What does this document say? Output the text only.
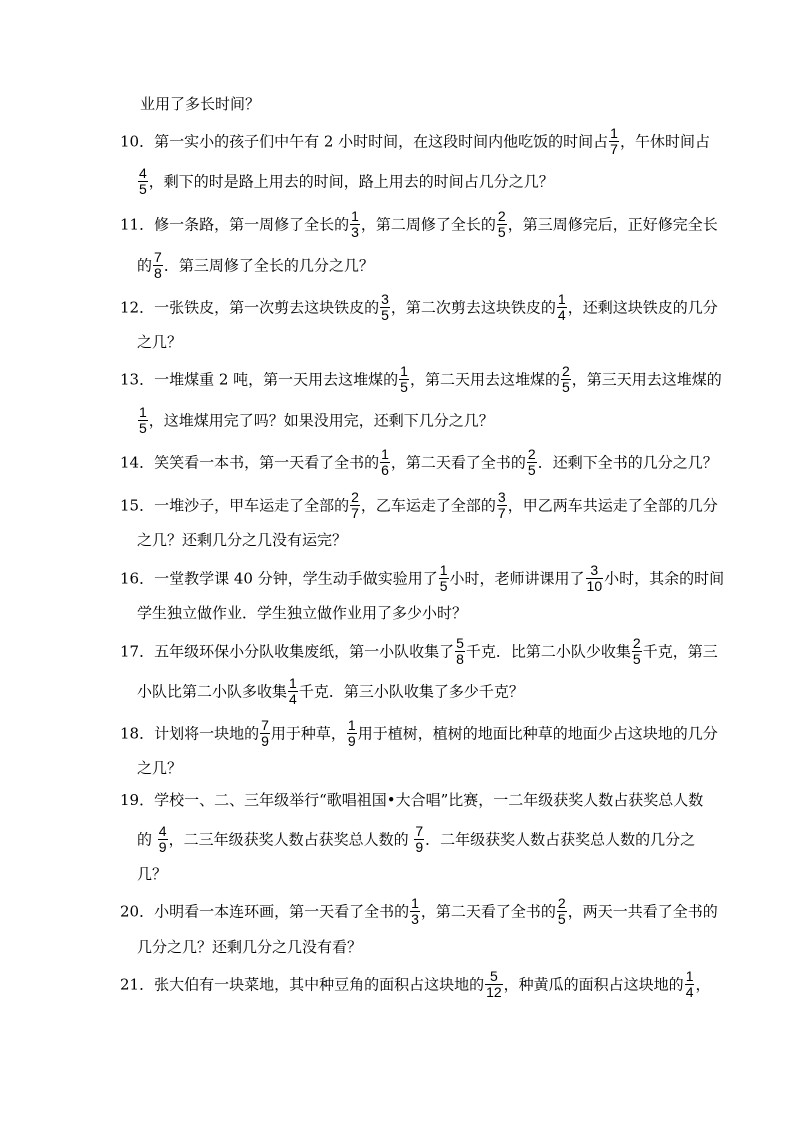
业用了多长时间？
10．第一实小的孩子们中午有 2 小时时间，在这段时间内他吃饭的时间占 $\frac{1}{7}$ ，午休时间占
$\frac{4}{5}$ ，剩下的时是路上用去的时间，路上用去的时间占几分之几？
11．修一条路，第一周修了全长的 $\frac{1}{3}$ ，第二周修了全长的 $\frac{2}{5}$ ，第三周修完后，正好修完全长
的 $\frac{7}{8}$ ．第三周修了全长的几分之几？
12．一张铁皮，第一次剪去这块铁皮的 $\frac{3}{5}$ ，第二次剪去这块铁皮的 $\frac{1}{4}$ ，还剩这块铁皮的几分
之几？
13．一堆煤重 2 吨，第一天用去这堆煤的 $\frac{1}{5}$ ，第二天用去这堆煤的 $\frac{2}{5}$ ，第三天用去这堆煤的
$\frac{1}{5}$ ，这堆煤用完了吗？如果没用完，还剩下几分之几？
14．笑笑看一本书，第一天看了全书的 $\frac{1}{6}$ ，第二天看了全书的 $\frac{2}{5}$ ．还剩下全书的几分之几？
15．一堆沙子，甲车运走了全部的 $\frac{2}{7}$ ，乙车运走了全部的 $\frac{3}{7}$ ，甲乙两车共运走了全部的几分
之几？还剩几分之几没有运完？
16．一堂教学课 40 分钟，学生动手做实验用了 $\frac{1}{5}$ 小时，老师讲课用了 $\frac{3}{10}$ 小时，其余的时间
学生独立做作业．学生独立做作业用了多少小时？
17．五年级环保小分队收集废纸，第一小队收集了 $\frac{5}{8}$ 千克．比第二小队少收集 $\frac{2}{5}$ 千克，第三
小队比第二小队多收集 $\frac{1}{4}$ 千克．第三小队收集了多少千克？
18．计划将一块地的 $\frac{7}{9}$ 用于种草， $\frac{1}{9}$ 用于植树，植树的地面比种草的地面少占这块地的几分
之几？
19．学校一、二、三年级举行“歌唱祖国•大合唱”比赛，一二年级获奖人数占获奖总人数
的 $\frac{4}{9}$ ，二三年级获奖人数占获奖总人数的 $\frac{7}{9}$ ．二年级获奖人数占获奖总人数的几分之
几？
20．小明看一本连环画，第一天看了全书的 $\frac{1}{3}$ ，第二天看了全书的 $\frac{2}{5}$ ，两天一共看了全书的
几分之几？还剩几分之几没有看？
21．张大伯有一块菜地，其中种豆角的面积占这块地的 $\frac{5}{12}$ ，种黄瓜的面积占这块地的 $\frac{1}{4}$ ，
